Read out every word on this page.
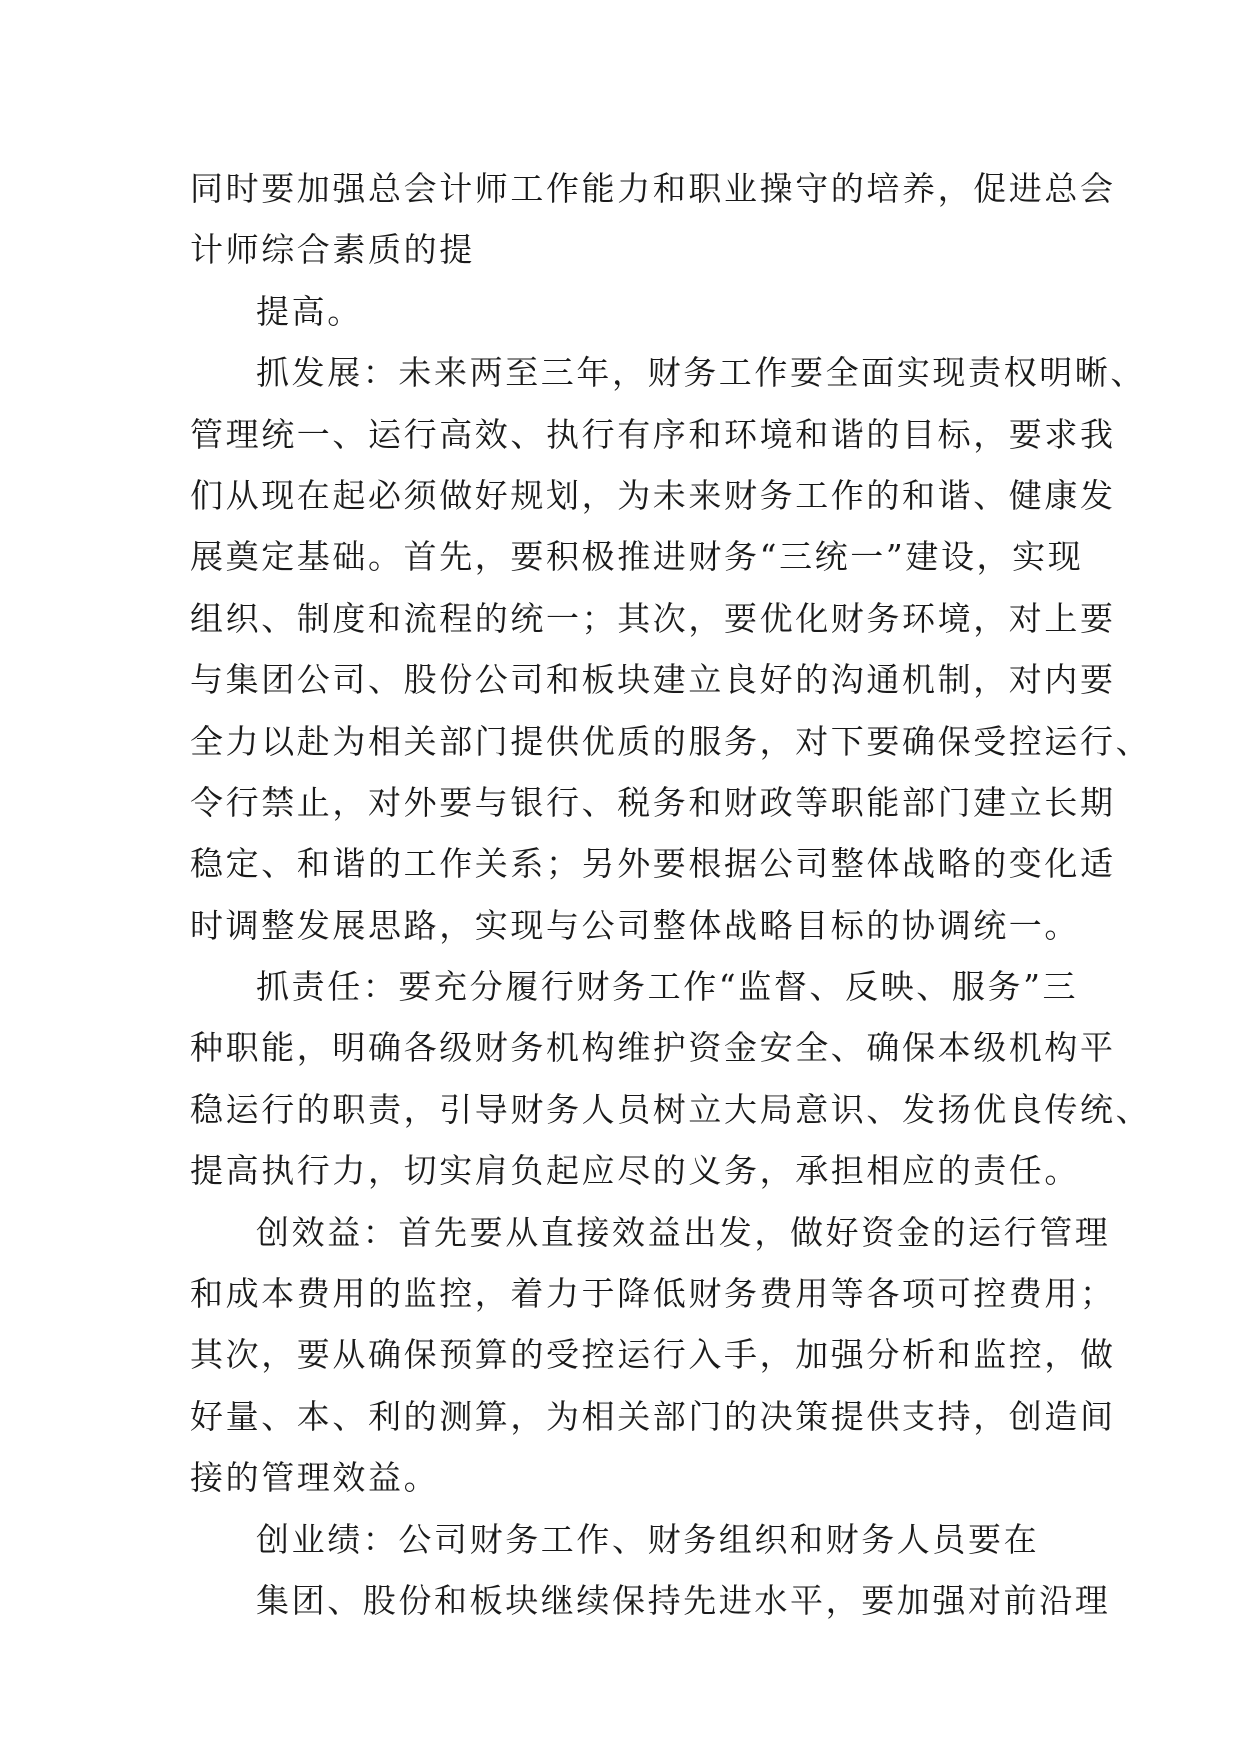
同时要加强总会计师工作能力和职业操守的培养，促进总会
计师综合素质的提
提高。
抓发展：未来两至三年，财务工作要全面实现责权明晰、
管理统一、运行高效、执行有序和环境和谐的目标，要求我
们从现在起必须做好规划，为未来财务工作的和谐、健康发
展奠定基础。首先，要积极推进财务“三统一”建设，实现
组织、制度和流程的统一；其次，要优化财务环境，对上要
与集团公司、股份公司和板块建立良好的沟通机制，对内要
全力以赴为相关部门提供优质的服务，对下要确保受控运行、
令行禁止，对外要与银行、税务和财政等职能部门建立长期
稳定、和谐的工作关系；另外要根据公司整体战略的变化适
时调整发展思路，实现与公司整体战略目标的协调统一。
抓责任：要充分履行财务工作“监督、反映、服务”三
种职能，明确各级财务机构维护资金安全、确保本级机构平
稳运行的职责，引导财务人员树立大局意识、发扬优良传统、
提高执行力，切实肩负起应尽的义务，承担相应的责任。
创效益：首先要从直接效益出发，做好资金的运行管理
和成本费用的监控，着力于降低财务费用等各项可控费用；
其次，要从确保预算的受控运行入手，加强分析和监控，做
好量、本、利的测算，为相关部门的决策提供支持，创造间
接的管理效益。
创业绩：公司财务工作、财务组织和财务人员要在
集团、股份和板块继续保持先进水平，要加强对前沿理
